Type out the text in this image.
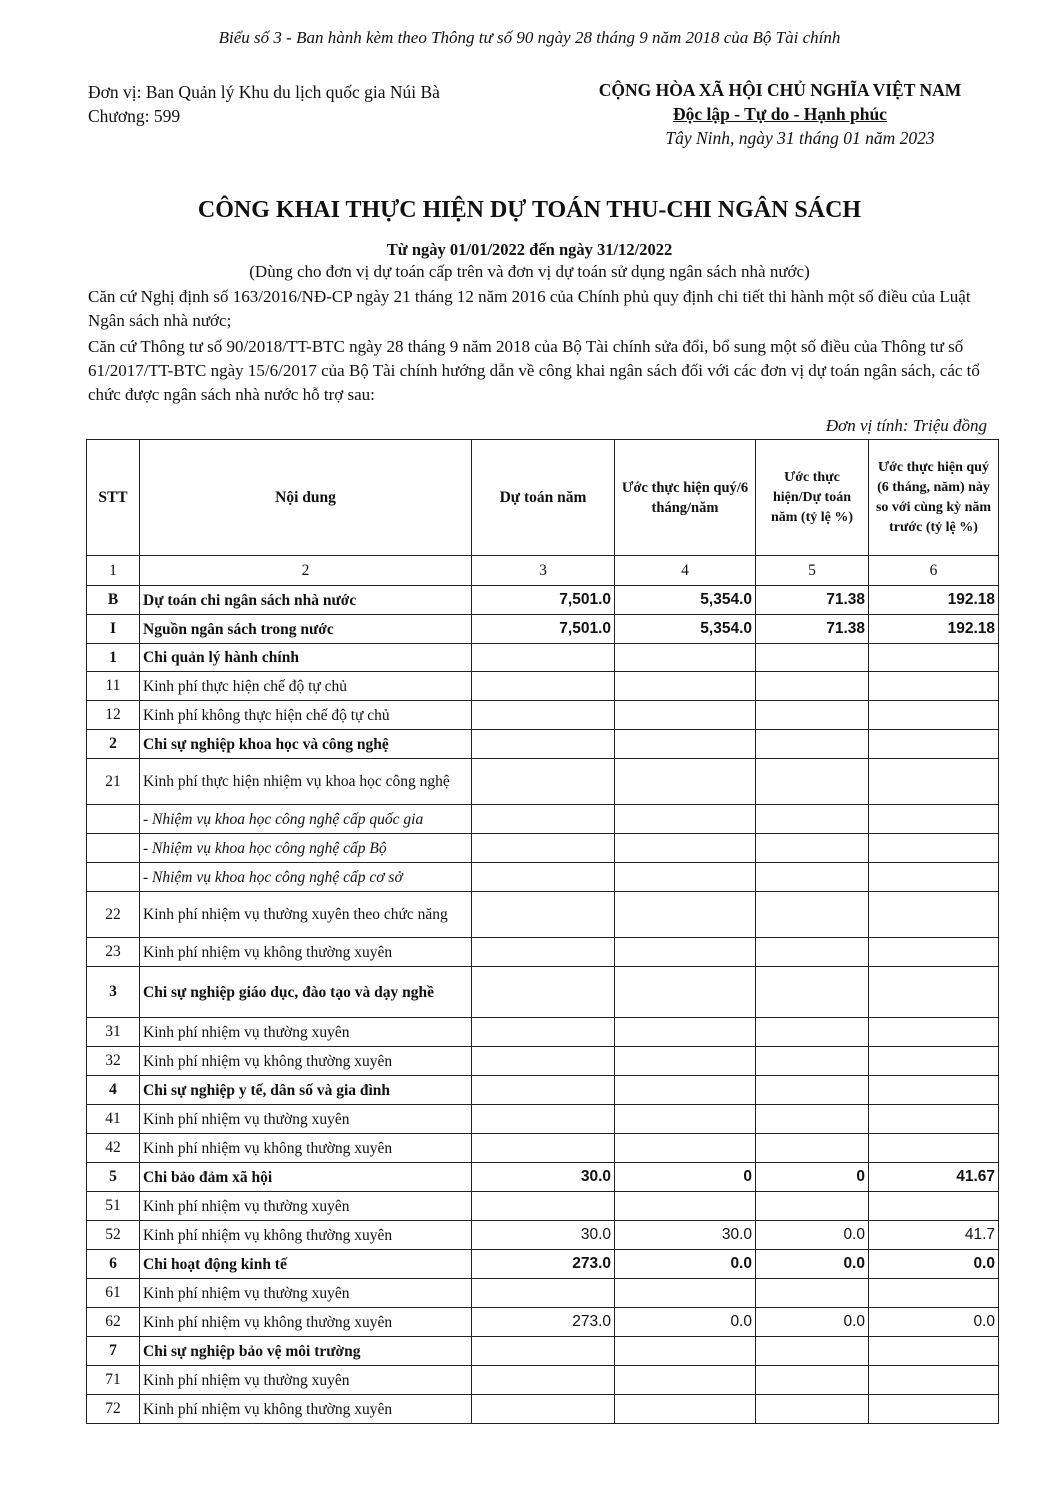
Biểu số 3 - Ban hành kèm theo Thông tư số 90 ngày 28 tháng 9 năm 2018 của Bộ Tài chính
Đơn vị: Ban Quản lý Khu du lịch quốc gia Núi Bà
Chương: 599
CỘNG HÒA XÃ HỘI CHỦ NGHĨA VIỆT NAM
Độc lập - Tự do - Hạnh phúc
Tây Ninh, ngày 31 tháng 01 năm 2023
CÔNG KHAI THỰC HIỆN DỰ TOÁN THU-CHI NGÂN SÁCH
Từ ngày 01/01/2022 đến ngày 31/12/2022
(Dùng cho đơn vị dự toán cấp trên và đơn vị dự toán sử dụng ngân sách nhà nước)
Căn cứ Nghị định số 163/2016/NĐ-CP ngày 21 tháng 12 năm 2016 của Chính phủ quy định chi tiết thi hành một số điều của Luật Ngân sách nhà nước;
Căn cứ Thông tư số 90/2018/TT-BTC ngày 28 tháng 9 năm 2018 của Bộ Tài chính sửa đổi, bổ sung một số điều của Thông tư số 61/2017/TT-BTC ngày 15/6/2017 của Bộ Tài chính hướng dẫn về công khai ngân sách đối với các đơn vị dự toán ngân sách, các tổ chức được ngân sách nhà nước hỗ trợ sau:
Đơn vị tính: Triệu đồng
STT	Nội dung	Dự toán năm	Ước thực hiện quý/6 tháng/năm	Ước thực hiện/Dự toán năm (tỷ lệ %)	Ước thực hiện quý (6 tháng, năm) này so với cùng kỳ năm trước (tỷ lệ %)
1	2	3	4	5	6
B	Dự toán chi ngân sách nhà nước	7,501.0	5,354.0	71.38	192.18
I	Nguồn ngân sách trong nước	7,501.0	5,354.0	71.38	192.18
1	Chi quản lý hành chính				
11	Kinh phí thực hiện chế độ tự chủ				
12	Kinh phí không thực hiện chế độ tự chủ				
2	Chi sự nghiệp khoa học và công nghệ				
21	Kinh phí thực hiện nhiệm vụ khoa học công nghệ				
	- Nhiệm vụ khoa học công nghệ cấp quốc gia				
	- Nhiệm vụ khoa học công nghệ cấp Bộ				
	- Nhiệm vụ khoa học công nghệ cấp cơ sở				
22	Kinh phí nhiệm vụ thường xuyên theo chức năng				
23	Kinh phí nhiệm vụ không thường xuyên				
3	Chi sự nghiệp giáo dục, đào tạo và dạy nghề				
31	Kinh phí nhiệm vụ thường xuyên				
32	Kinh phí nhiệm vụ không thường xuyên				
4	Chi sự nghiệp y tế, dân số và gia đình				
41	Kinh phí nhiệm vụ thường xuyên				
42	Kinh phí nhiệm vụ không thường xuyên				
5	Chi bảo đảm xã hội	30.0	0	0	41.67
51	Kinh phí nhiệm vụ thường xuyên				
52	Kinh phí nhiệm vụ không thường xuyên	30.0	30.0	0.0	41.7
6	Chi hoạt động kinh tế	273.0	0.0	0.0	0.0
61	Kinh phí nhiệm vụ thường xuyên				
62	Kinh phí nhiệm vụ không thường xuyên	273.0	0.0	0.0	0.0
7	Chi sự nghiệp bảo vệ môi trường				
71	Kinh phí nhiệm vụ thường xuyên				
72	Kinh phí nhiệm vụ không thường xuyên				
